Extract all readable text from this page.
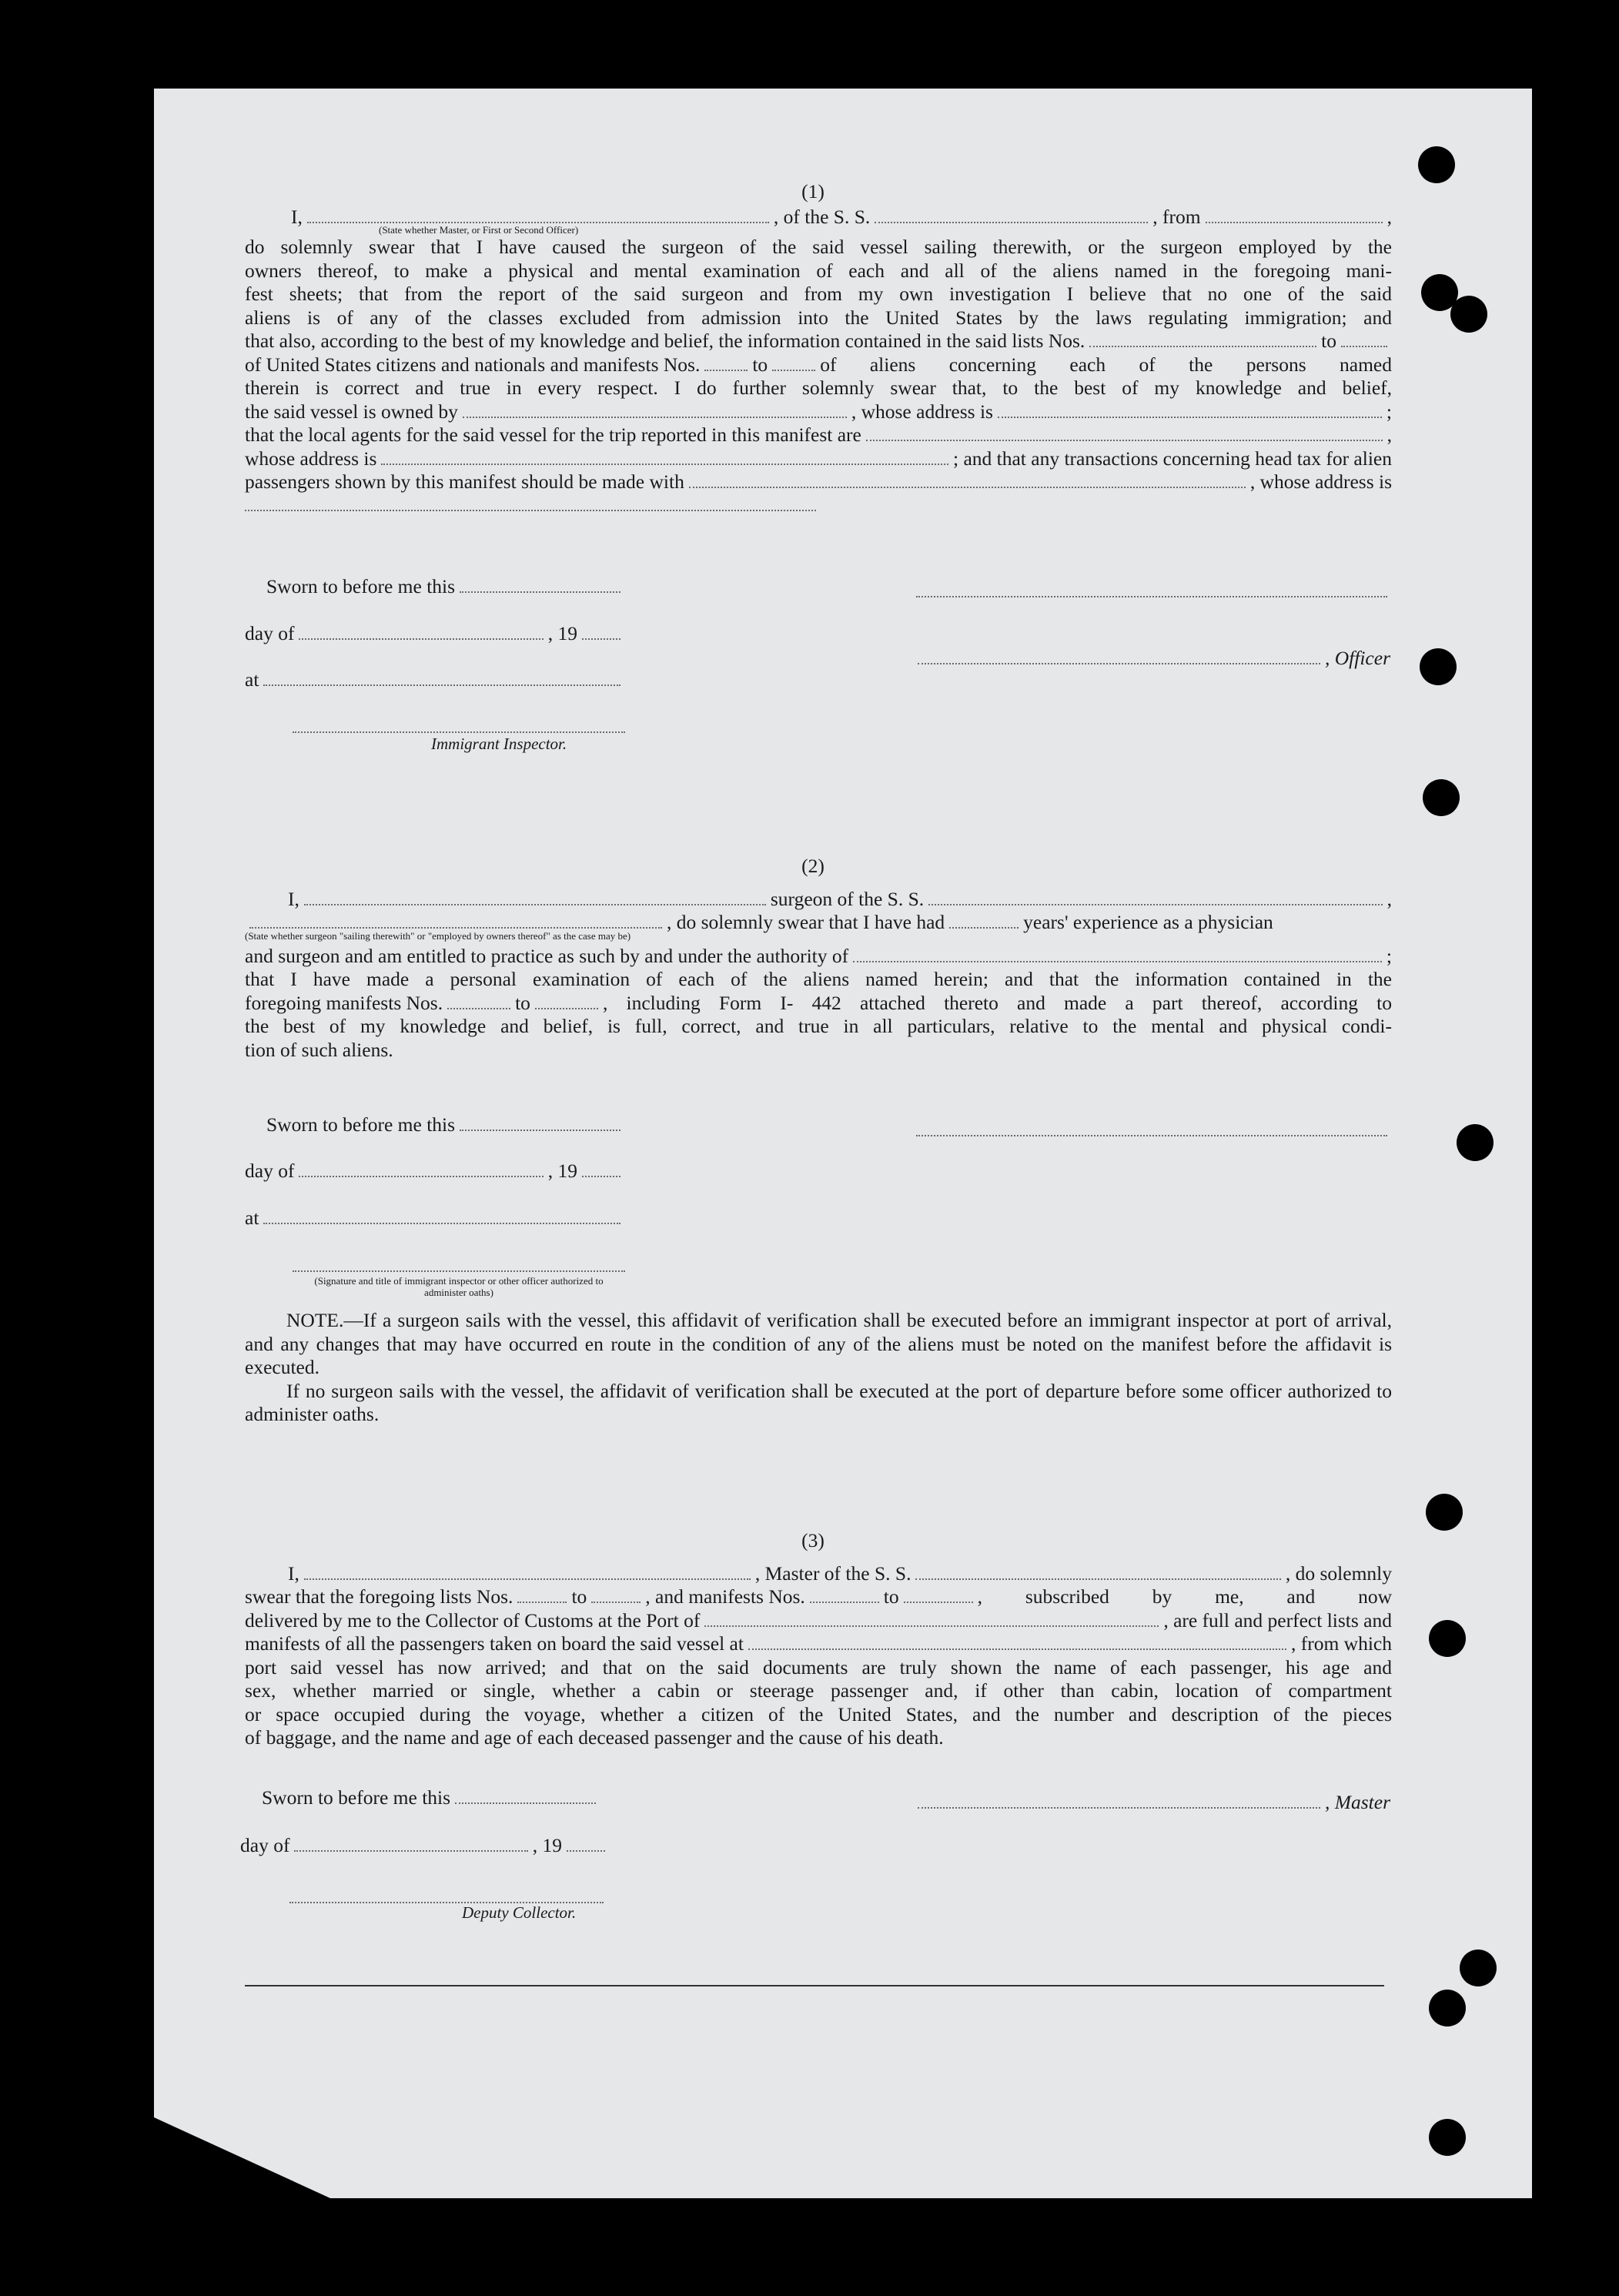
(1)
I,	, of the S. S.	, from	,
(State whether Master, or First or Second Officer)
do solemnly swear that I have caused the surgeon of the said vessel sailing therewith, or the surgeon employed by the
owners thereof, to make a physical and mental examination of each and all of the aliens named in the foregoing mani-
fest sheets; that from the report of the said surgeon and from my own investigation I believe that no one of the said
aliens is of any of the classes excluded from admission into the United States by the laws regulating immigration; and
that also, according to the best of my knowledge and belief, the information contained in the said lists Nos.	to
of United States citizens and nationals and manifests Nos.	to	of aliens concerning each of the persons named
therein is correct and true in every respect. I do further solemnly swear that, to the best of my knowledge and belief,
the said vessel is owned by	, whose address is	;
that the local agents for the said vessel for the trip reported in this manifest are	,
whose address is	; and that any transactions concerning head tax for alien
passengers shown by this manifest should be made with	, whose address is
Sworn to before me this
day of	, 19
at
, Officer
Immigrant Inspector.
(2)
I,	surgeon of the S. S.	,
, do solemnly swear that I have had	years' experience as a physician
(State whether surgeon "sailing therewith" or "employed by owners thereof" as the case may be)
and surgeon and am entitled to practice as such by and under the authority of	;
that I have made a personal examination of each of the aliens named herein; and that the information contained in the
foregoing manifests Nos.	to	, including Form I- 442 attached thereto and made a part thereof, according to
the best of my knowledge and belief, is full, correct, and true in all particulars, relative to the mental and physical condi-
tion of such aliens.
Sworn to before me this
day of	, 19
at
(Signature and title of immigrant inspector or other officer authorized to administer oaths)
NOTE.—If a surgeon sails with the vessel, this affidavit of verification shall be executed before an immigrant inspector at port of arrival, and any changes that may have occurred en route in the condition of any of the aliens must be noted on the manifest before the affidavit is executed.
If no surgeon sails with the vessel, the affidavit of verification shall be executed at the port of departure before some officer authorized to administer oaths.
(3)
I,	, Master of the S. S.	, do solemnly
swear that the foregoing lists Nos.	to	, and manifests Nos.	to	, subscribed by me, and now
delivered by me to the Collector of Customs at the Port of	, are full and perfect lists and
manifests of all the passengers taken on board the said vessel at	, from which
port said vessel has now arrived; and that on the said documents are truly shown the name of each passenger, his age and
sex, whether married or single, whether a cabin or steerage passenger and, if other than cabin, location of compartment
or space occupied during the voyage, whether a citizen of the United States, and the number and description of the pieces
of baggage, and the name and age of each deceased passenger and the cause of his death.
Sworn to before me this	, Master
day of	, 19
Deputy Collector.
